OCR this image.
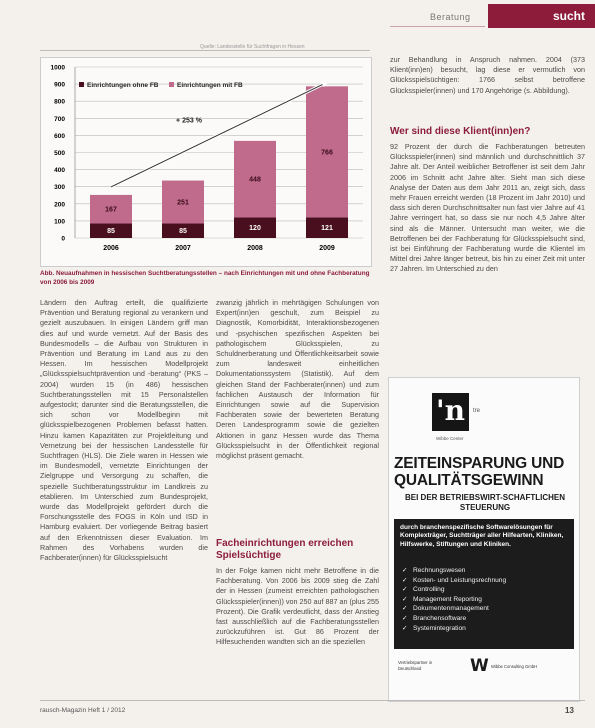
Beratung	sucht
Quelle: Landesstelle für Suchtfragen in Hessen
0
100
200
300
400
500
600
700
800
900
1000
85
167
2006
85
251
2007
120
448
2008
121
766
2009
+ 253 %
Einrichtungen ohne FB	Einrichtungen mit FB
Abb. Neuaufnahmen in hessischen Suchtberatungsstellen – nach Einrichtungen mit und ohne Fachberatung von 2006 bis 2009
zur Behandlung in Anspruch nahmen. 2004 (373 Klient(inn)en) besucht, lag diese er vermutlich von Glücksspielsüchtigen: 1766 selbst betroffene Glücksspieler(innen) und 170 Angehörige (s. Abbildung).
Wer sind diese Klient(inn)en?
92 Prozent der durch die Fachberatungen betreuten Glücksspieler(innen) sind männlich und durchschnittlich 37 Jahre alt. Der Anteil weiblicher Betroffener ist seit dem Jahr 2006 im Schnitt acht Jahre älter. Sieht man sich diese Analyse der Daten aus dem Jahr 2011 an, zeigt sich, dass mehr Frauen erreicht werden (18 Prozent im Jahr 2010) und dass sich deren Durchschnittsalter nun fast vier Jahre auf 41 Jahre verringert hat, so dass sie nur noch 4,5 Jahre älter sind als die Männer. Untersucht man weiter, wie die Betroffenen bei der Fachberatung für Glücksspielsucht sind, ist bei Einführung der Fachberatung wurde die Klientel im Mittel drei Jahre länger betreut, bis hin zu einer Zeit mit unter 27 Jahren. Im Unterschied zu den
Ländern den Auftrag erteilt, die qualifizierte Prävention und Beratung regional zu verankern und gezielt auszubauen. In einigen Ländern griff man dies auf und wurde vernetzt. Auf der Basis des Bundesmodells – die Aufbau von Strukturen in Prävention und Beratung im Land aus zu den Hessen. Im hessischen Modellprojekt „Glücksspielsuchtprävention und -beratung“ (PKS – 2004) wurden 15 (in 486) hessischen Suchtberatungsstellen mit 15 Personalstellen aufgestockt; darunter sind die Beratungsstellen, die sich schon vor Modellbeginn mit glücksspielbezogenen Problemen befasst hatten. Hinzu kamen Kapazitäten zur Projektleitung und Vernetzung bei der hessischen Landesstelle für Suchtfragen (HLS). Die Ziele waren in Hessen wie im Bundesmodell, vernetzte Einrichtungen der Zielgruppe und Versorgung zu schaffen, die spezielle Suchtberatungsstruktur im Landkreis zu etablieren. Im Unterschied zum Bundesprojekt, wurde das Modellprojekt gefördert durch die Forschungsstelle des FOGS in Köln und ISD in Hamburg evaluiert. Der vorliegende Beitrag basiert auf den Erkenntnissen dieser Evaluation. Im Rahmen des Vorhabens wurden die Fachberater(innen) für Glücksspielsucht
zwanzig jährlich in mehrtägigen Schulungen von Expert(inn)en geschult, zum Beispiel zu Diagnostik, Komorbidität, Interaktionsbezogenen und -psychischen spezifischen Aspekten bei pathologischem Glücksspielen, zu Schuldnerberatung und Öffentlichkeitsarbeit sowie zum landesweit einheitlichen Dokumentationssystem (Statistik). Auf dem gleichen Stand der Fachberater(innen) und zum fachlichen Austausch der Information für Einrichtungen sowie auf die Supervision Fachberaten sowie der bewerteten Beratung Deren Landesprogramm sowie die gezielten Aktionen in ganz Hessen wurde das Thema Glücksspielsucht in der Öffentlichkeit regional möglichst präsent gemacht.
Facheinrichtungen erreichen Spielsüchtige
In der Folge kamen nicht mehr Betroffene in die Fachberatung. Von 2006 bis 2009 stieg die Zahl der in Hessen (zumeist erreichten pathologischen Glücksspieler(innen)) von 250 auf 887 an (plus 255 Prozent). Die Grafik verdeutlicht, dass der Anstieg fast ausschließlich auf die Fachberatungsstellen zurückzuführen ist. Gut 86 Prozent der Hilfesuchenden wandten sich an die speziellen
'n	tre
Wibbe Center
ZEITEINSPARUNG UND QUALITÄTSGEWINN
BEI DER BETRIEBSWIRT-SCHAFTLICHEN STEUERUNG
durch branchenspezifische Softwarelösungen für Komplexträger, Suchtträger aller Hilfearten, Kliniken, Hilfswerke, Stiftungen und Kliniken.
✓ Rechnungswesen
✓ Kosten- und Leistungsrechnung
✓ Controlling
✓ Management Reporting
✓ Dokumentenmanagement
✓ Branchensoftware
✓ Systemintegration
Vertriebspartner in Deutschland	W Wibbe Consulting GmbH
rausch-Magazin Heft 1 / 2012	13
